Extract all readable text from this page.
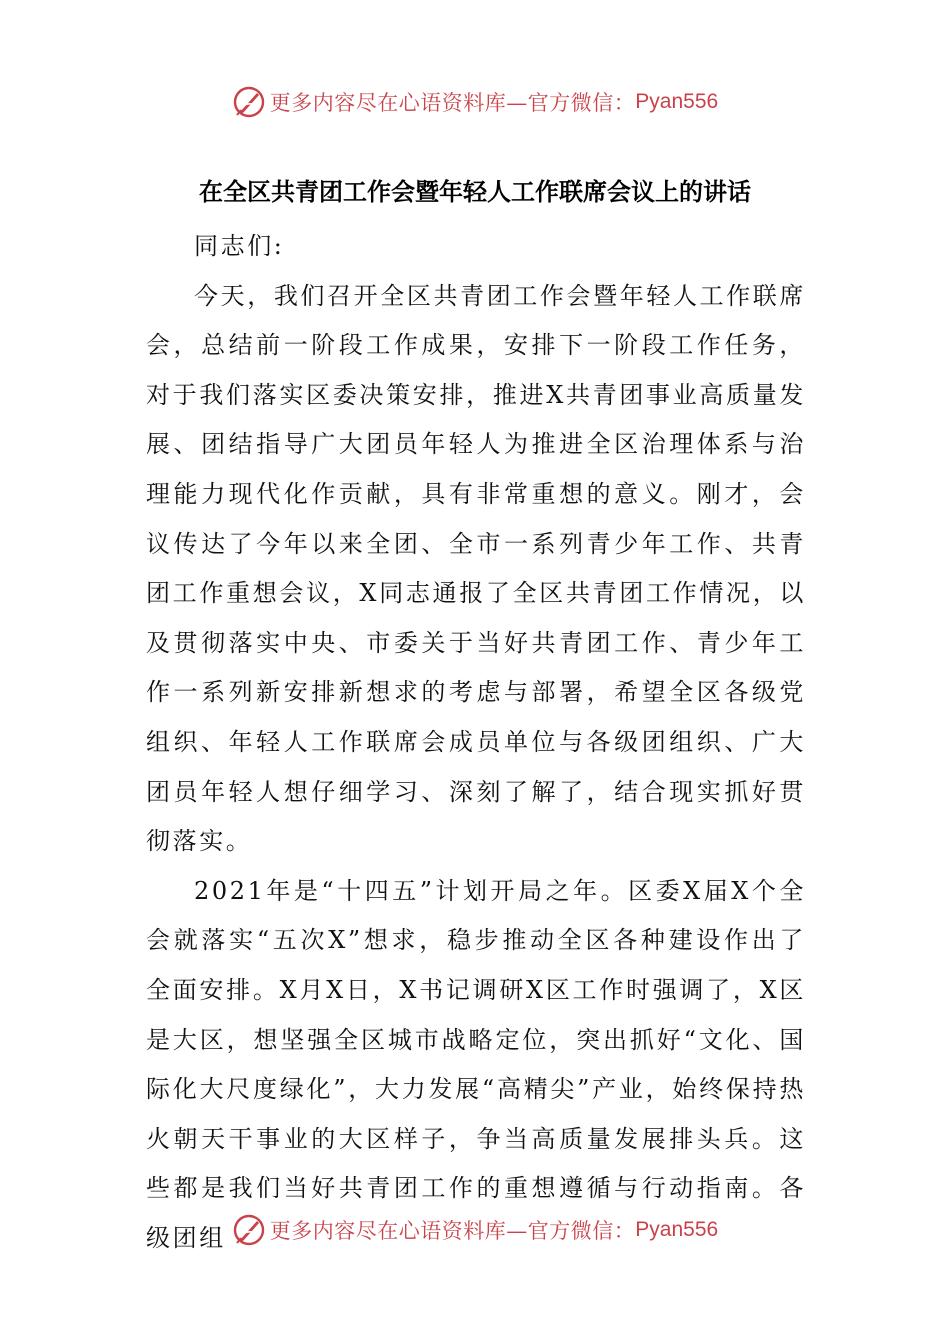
更多内容尽在心语资料库—官方微信： Pyan556
在全区共青团工作会暨年轻人工作联席会议上的讲话

同志们:

今天，我们召开全区共青团工作会暨年轻人工作联席会，总结前一阶段工作成果，安排下一阶段工作任务，对于我们落实区委决策安排，推进X共青团事业高质量发展、团结指导广大团员年轻人为推进全区治理体系与治理能力现代化作贡献，具有非常重想的意义。刚才，会议传达了今年以来全团、全市一系列青少年工作、共青团工作重想会议，X同志通报了全区共青团工作情况，以及贯彻落实中央、市委关于当好共青团工作、青少年工作一系列新安排新想求的考虑与部署，希望全区各级党组织、年轻人工作联席会成员单位与各级团组织、广大团员年轻人想仔细学习、深刻了解了，结合现实抓好贯彻落实。

2021年是“十四五”计划开局之年。区委X届X个全会就落实“五次X”想求，稳步推动全区各种建设作出了全面安排。X月X日，X书记调研X区工作时强调了，X区是大区，想坚强全区城市战略定位，突出抓好“文化、国际化大尺度绿化”，大力发展“高精尖”产业，始终保持热火朝天干事业的大区样子，争当高质量发展排头兵。这些都是我们当好共青团工作的重想遵循与行动指南。各级团组	更多内容尽在心语资料库—官方微信： Pyan556
